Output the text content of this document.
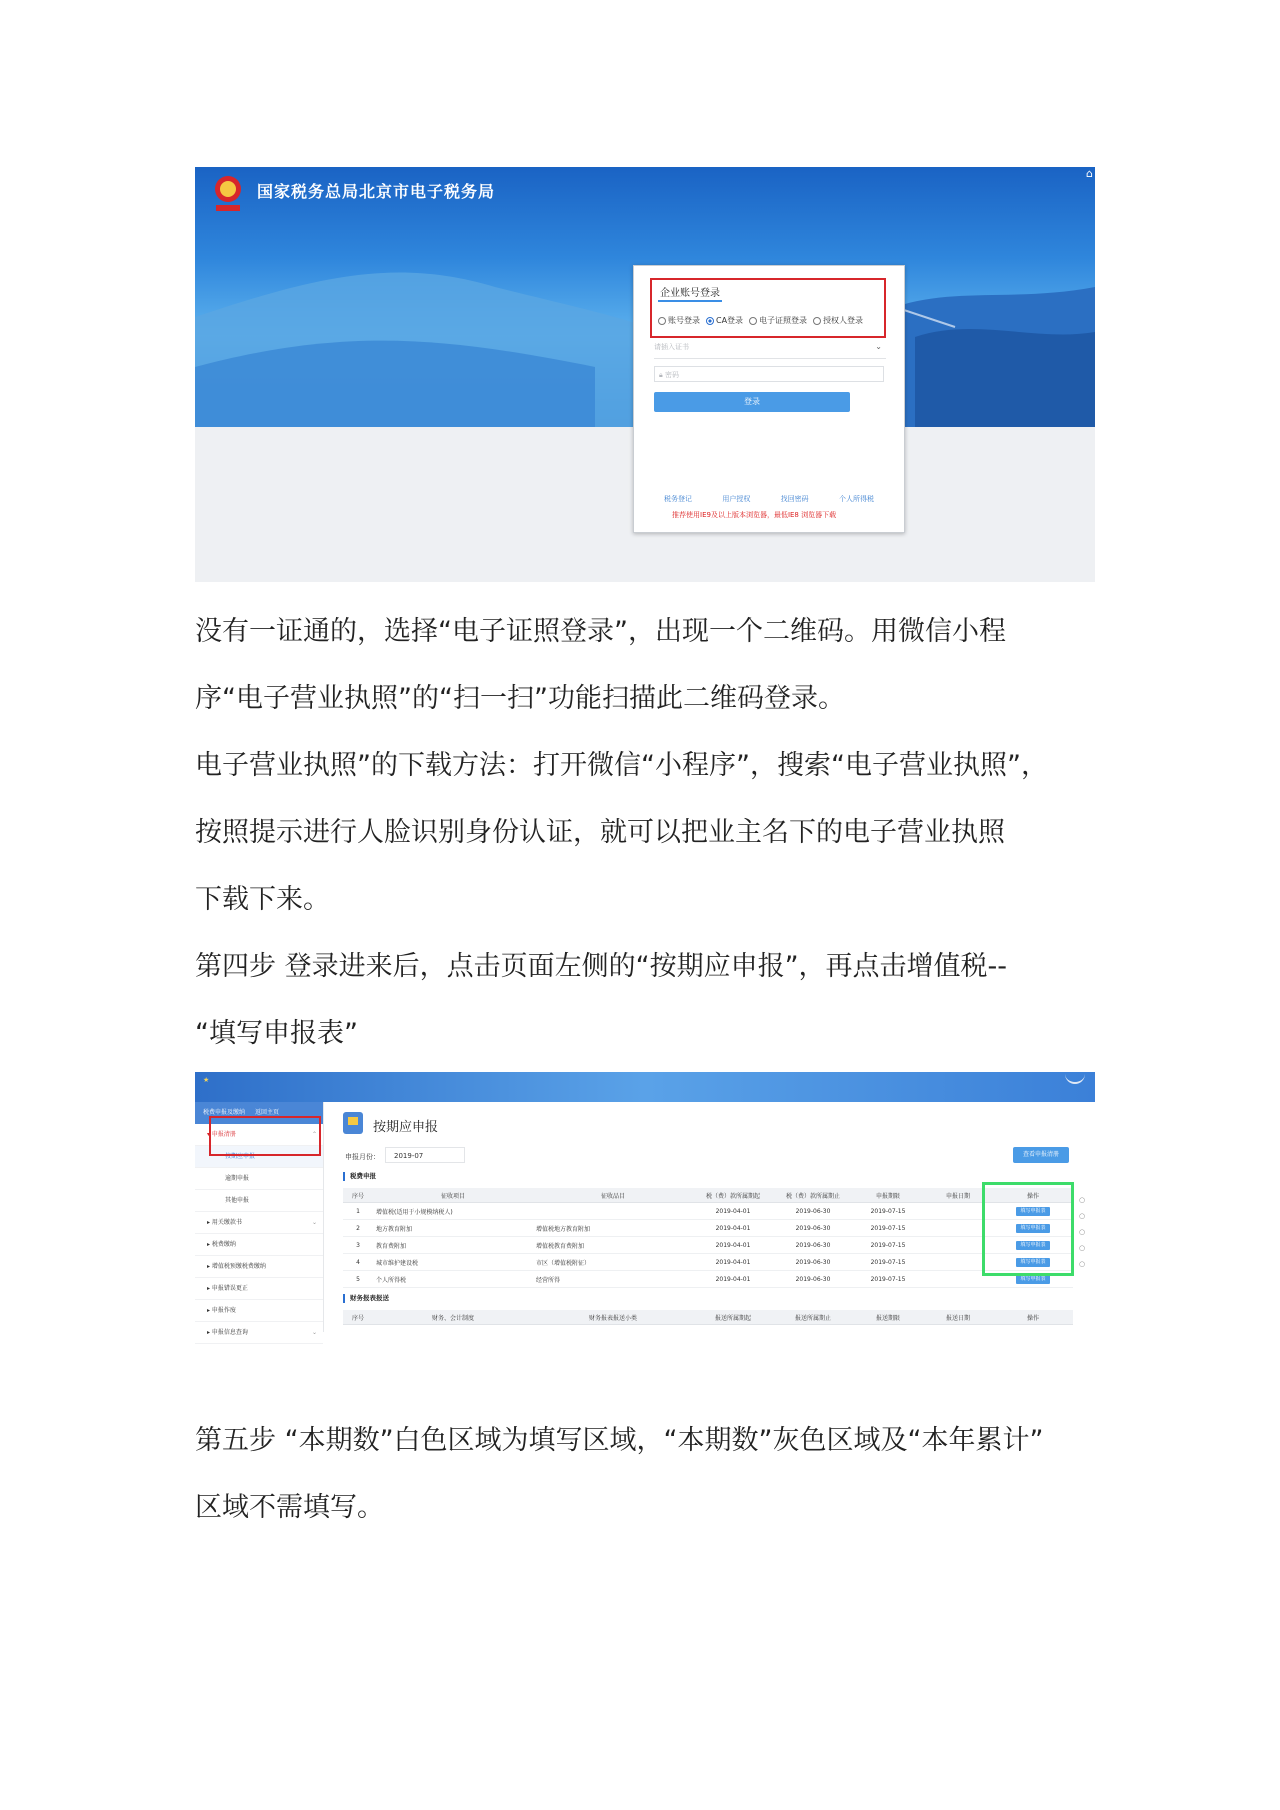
国家税务总局北京市电子税务局
⌂
企业账号登录
账号登录 CA登录 电子证照登录 授权人登录
请插入证书	⌄
🔒︎ 密码
登录
税务登记	用户授权	找回密码	个人所得税
推荐使用IE9及以上版本浏览器，最低IE8 浏览器下载

没有一证通的，选择“电子证照登录”，出现一个二维码。用微信小程

序“电子营业执照”的“扫一扫”功能扫描此二维码登录。

电子营业执照”的下载方法：打开微信“小程序”，搜索“电子营业执照”，

按照提示进行人脸识别身份认证，就可以把业主名下的电子营业执照

下载下来。

第四步 登录进来后，点击页面左侧的“按期应申报”，再点击增值税--

“填写申报表”

★
税费申报及缴纳 返回主页
▾ 申报清册	⌃
按期应申报
逾期申报
其他申报
▸ 用关缴款书	⌄
▸ 税费缴纳
▸ 增值税预缴税费缴纳
▸ 申报错误更正
▸ 申报作废
▸ 申报信息查询	⌄
按期应申报
申报月份：	2019-07	查看申报清册
税费申报
序号	征收项目	征收品目	税（费）款所属期起	税（费）款所属期止	申报期限	申报日期	操作
1	增值税(适用于小规模纳税人)		2019-04-01	2019-06-30	2019-07-15		填写申报表
2	地方教育附加	增值税地方教育附加	2019-04-01	2019-06-30	2019-07-15		填写申报表
3	教育费附加	增值税教育费附加	2019-04-01	2019-06-30	2019-07-15		填写申报表
4	城市维护建设税	市区（增值税附征）	2019-04-01	2019-06-30	2019-07-15		填写申报表
5	个人所得税	经营所得	2019-04-01	2019-06-30	2019-07-15		填写申报表
○
○
○
○
○
财务报表报送
序号	财务、会计制度	财务报表报送小类	报送所属期起	报送所属期止	报送期限	报送日期	操作

第五步 “本期数”白色区域为填写区域，“本期数”灰色区域及“本年累计”

区域不需填写。
